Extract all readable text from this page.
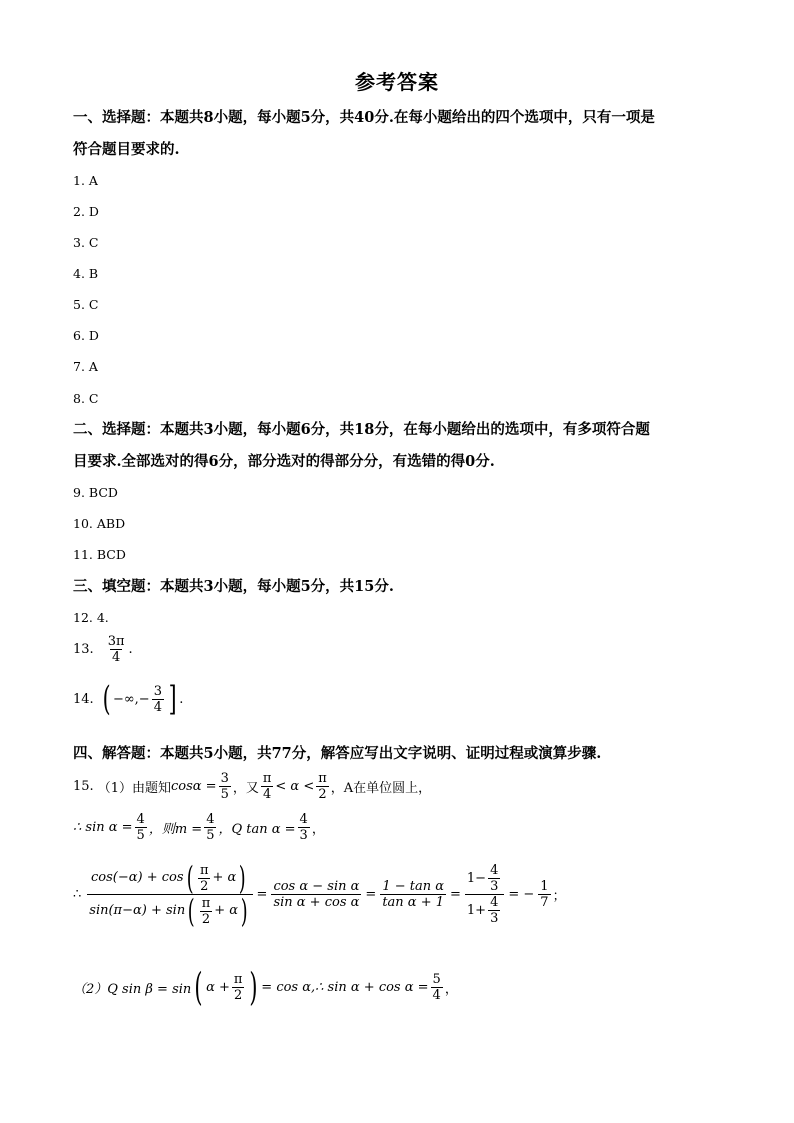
参考答案
一、选择题：本题共8小题，每小题5分，共40分.在每小题给出的四个选项中，只有一项是
符合题目要求的.
1. A
2. D
3. C
4. B
5. C
6. D
7. A
8. C
二、选择题：本题共3小题，每小题6分，共18分，在每小题给出的选项中，有多项符合题
目要求.全部选对的得6分，部分选对的得部分分，有选错的得0分.
9. BCD
10. ABD
11. BCD
三、填空题：本题共3小题，每小题5分，共15分.
12. 4.
13. $\frac{3\pi}{4}$ .
14. ( −∞,− $\frac{3}{4}$ ] .
四、解答题：本题共5小题，共77分，解答应写出文字说明、证明过程或演算步骤.
15. （1）由题知 $\cos\alpha = \frac{3}{5}$ ，又 $\frac{\pi}{4} < \alpha < \frac{\pi}{2}$ ，A在单位圆上，
∴ $\sin \alpha = \frac{4}{5}$ ，则$m = \frac{4}{5}$ ，Q $\tan \alpha = \frac{4}{3}$ ，
∴
cos(−α) + cos ( $\frac{\pi}{2} + \alpha$ )
sin(π−α) + sin ( $\frac{\pi}{2} + \alpha$ ) = $\frac{\text{cos α − sin α}}{\text{sin α + cos α}} = \frac{\text{1 − tan α}}{\text{tan α + 1}} = \frac{1- \frac{4}{3}}{1+ \frac{4}{3}}$ = − $\frac{1}{7}$ ；
（2）Q sin β = sin ( $\alpha + \frac{\pi}{2}$ ) = cos α,∴ $\sin \alpha + \cos \alpha = \frac{5}{4}$ ，
